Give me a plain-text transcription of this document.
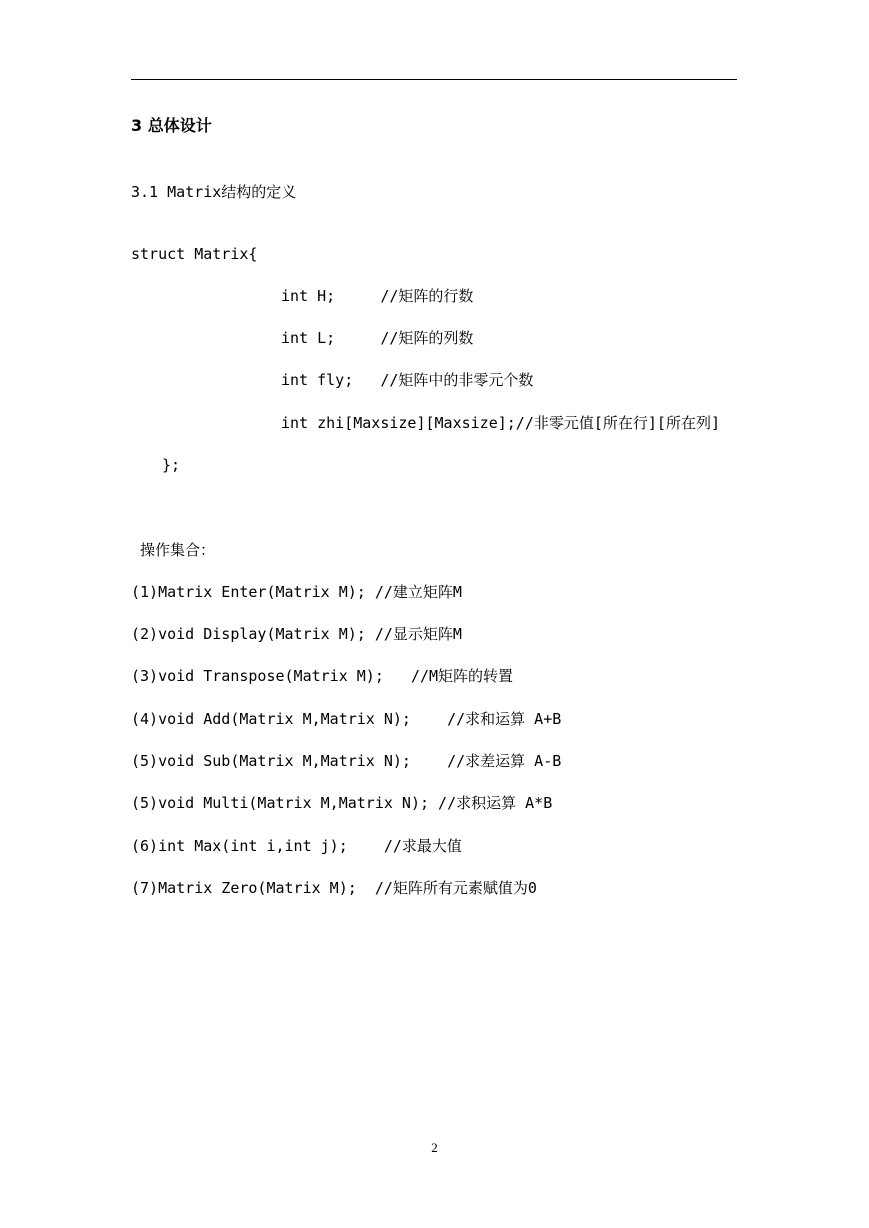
3 总体设计
3.1 Matrix结构的定义
struct Matrix{
int H;     //矩阵的行数
int L;     //矩阵的列数
int fly;   //矩阵中的非零元个数
int zhi[Maxsize][Maxsize];//非零元值[所在行][所在列]
};
操作集合：
(1)Matrix Enter(Matrix M); //建立矩阵M
(2)void Display(Matrix M); //显示矩阵M
(3)void Transpose(Matrix M);   //M矩阵的转置
(4)void Add(Matrix M,Matrix N);    //求和运算 A+B
(5)void Sub(Matrix M,Matrix N);    //求差运算 A-B
(5)void Multi(Matrix M,Matrix N); //求积运算 A*B
(6)int Max(int i,int j);    //求最大值
(7)Matrix Zero(Matrix M);  //矩阵所有元素赋值为0
2
